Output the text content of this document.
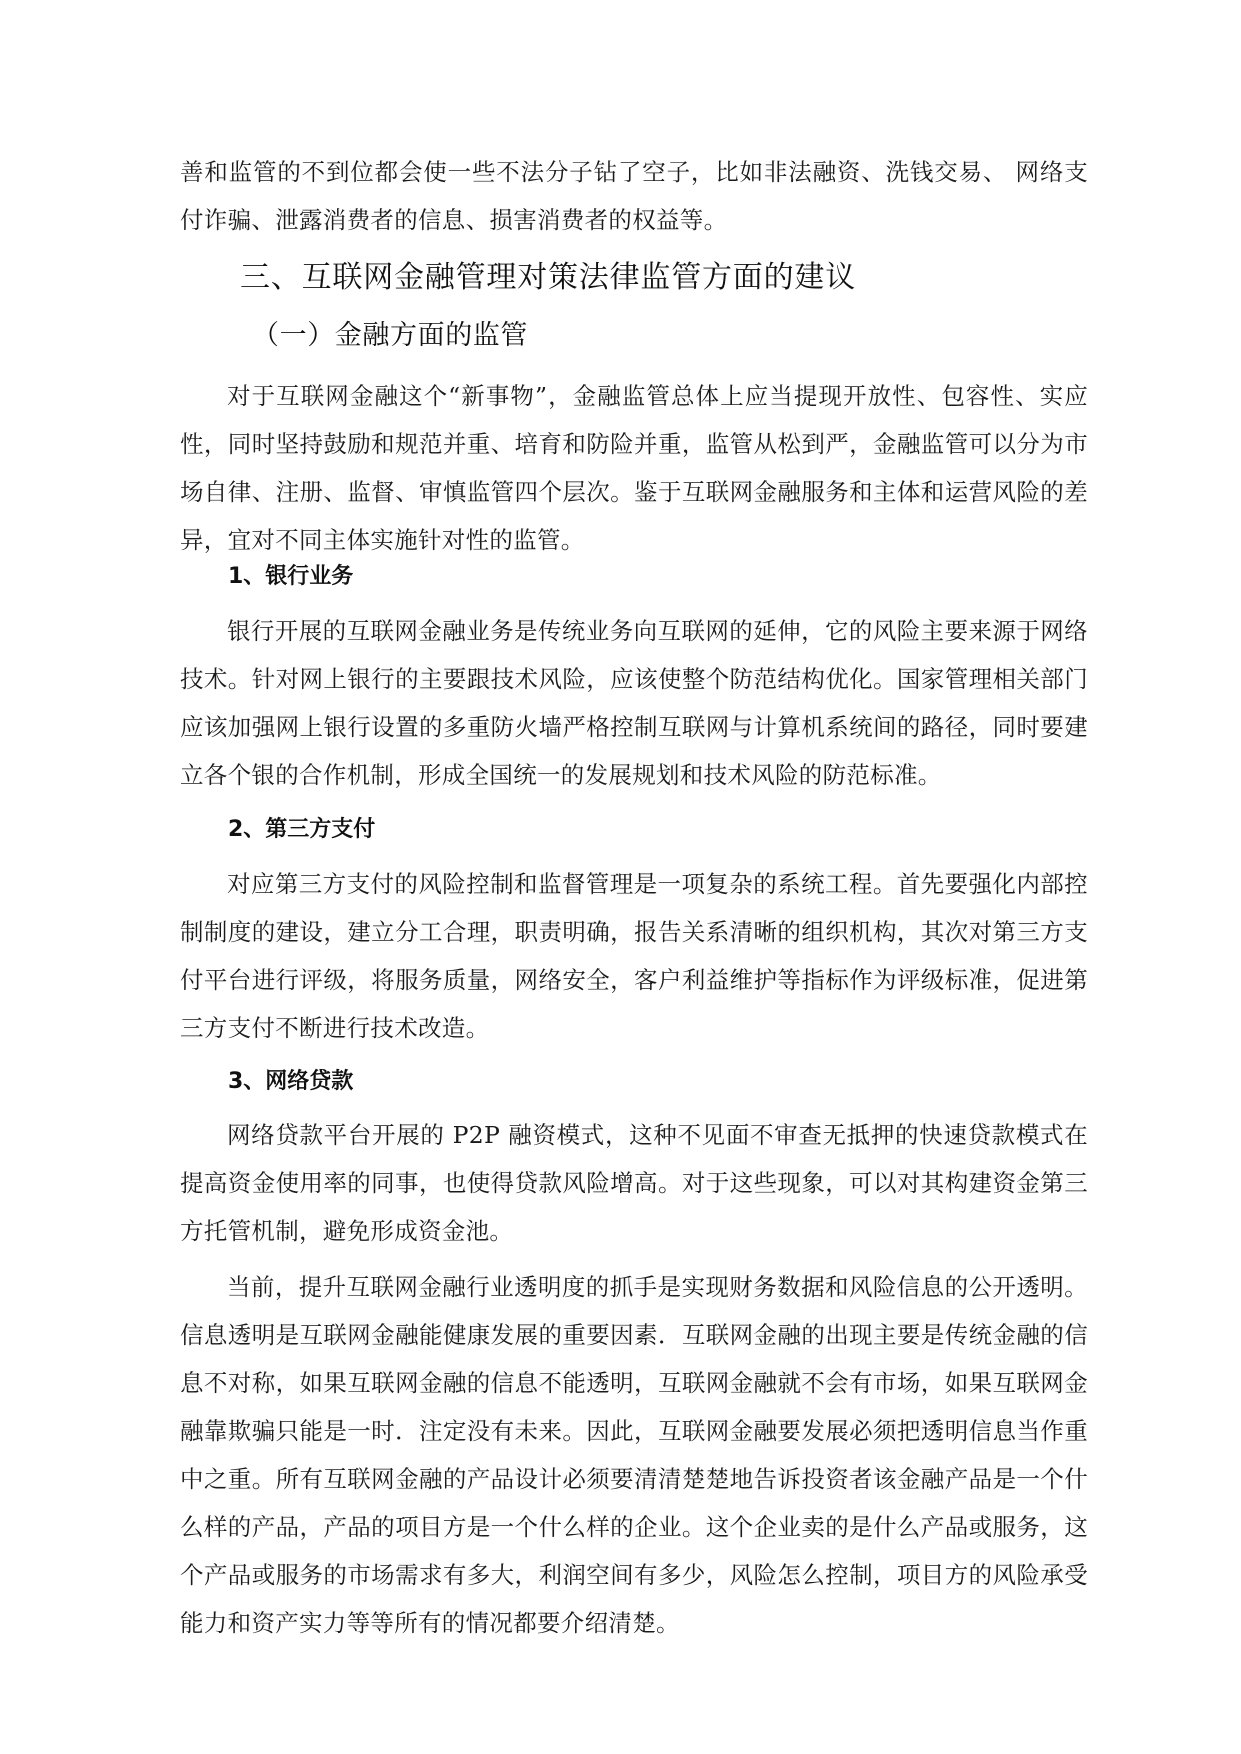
善和监管的不到位都会使一些不法分子钻了空子，比如非法融资、洗钱交易、 网络支付诈骗、泄露消费者的信息、损害消费者的权益等。
三、互联网金融管理对策法律监管方面的建议
（一）金融方面的监管
对于互联网金融这个“新事物”，金融监管总体上应当提现开放性、包容性、实应性，同时坚持鼓励和规范并重、培育和防险并重，监管从松到严，金融监管可以分为市场自律、注册、监督、审慎监管四个层次。鉴于互联网金融服务和主体和运营风险的差异，宜对不同主体实施针对性的监管。
1、银行业务
银行开展的互联网金融业务是传统业务向互联网的延伸，它的风险主要来源于网络技术。针对网上银行的主要跟技术风险，应该使整个防范结构优化。国家管理相关部门应该加强网上银行设置的多重防火墙严格控制互联网与计算机系统间的路径，同时要建立各个银的合作机制，形成全国统一的发展规划和技术风险的防范标准。
2、第三方支付
对应第三方支付的风险控制和监督管理是一项复杂的系统工程。首先要强化内部控制制度的建设，建立分工合理，职责明确，报告关系清晰的组织机构，其次对第三方支付平台进行评级，将服务质量，网络安全，客户利益维护等指标作为评级标准，促进第三方支付不断进行技术改造。
3、网络贷款
网络贷款平台开展的 P2P 融资模式，这种不见面不审查无抵押的快速贷款模式在提高资金使用率的同事，也使得贷款风险增高。对于这些现象，可以对其构建资金第三方托管机制，避免形成资金池。
当前，提升互联网金融行业透明度的抓手是实现财务数据和风险信息的公开透明。信息透明是互联网金融能健康发展的重要因素．互联网金融的出现主要是传统金融的信息不对称，如果互联网金融的信息不能透明，互联网金融就不会有市场，如果互联网金融靠欺骗只能是一时．注定没有未来。因此，互联网金融要发展必须把透明信息当作重中之重。所有互联网金融的产品设计必须要清清楚楚地告诉投资者该金融产品是一个什么样的产品，产品的项目方是一个什么样的企业。这个企业卖的是什么产品或服务，这个产品或服务的市场需求有多大，利润空间有多少，风险怎么控制，项目方的风险承受能力和资产实力等等所有的情况都要介绍清楚。
